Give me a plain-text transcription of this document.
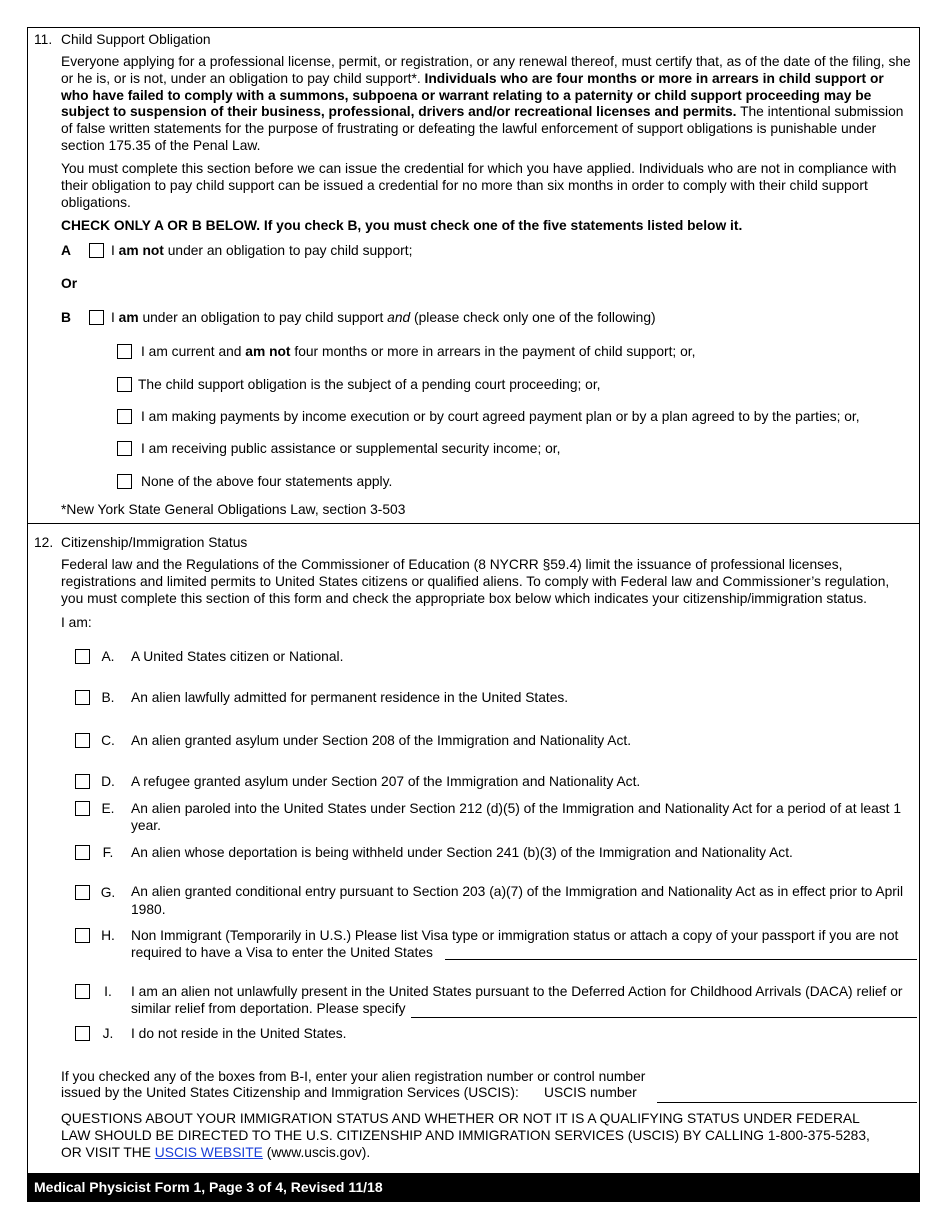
11. Child Support Obligation
Everyone applying for a professional license, permit, or registration, or any renewal thereof, must certify that, as of the date of the filing, she or he is, or is not, under an obligation to pay child support*. Individuals who are four months or more in arrears in child support or who have failed to comply with a summons, subpoena or warrant relating to a paternity or child support proceeding may be subject to suspension of their business, professional, drivers and/or recreational licenses and permits. The intentional submission of false written statements for the purpose of frustrating or defeating the lawful enforcement of support obligations is punishable under section 175.35 of the Penal Law.
You must complete this section before we can issue the credential for which you have applied. Individuals who are not in compliance with their obligation to pay child support can be issued a credential for no more than six months in order to comply with their child support obligations.
CHECK ONLY A OR B BELOW. If you check B, you must check one of the five statements listed below it.
A	I am not under an obligation to pay child support;
Or
B	I am under an obligation to pay child support and (please check only one of the following)
I am current and am not four months or more in arrears in the payment of child support; or,
The child support obligation is the subject of a pending court proceeding; or,
I am making payments by income execution or by court agreed payment plan or by a plan agreed to by the parties; or,
I am receiving public assistance or supplemental security income; or,
None of the above four statements apply.
*New York State General Obligations Law, section 3-503
12. Citizenship/Immigration Status
Federal law and the Regulations of the Commissioner of Education (8 NYCRR §59.4) limit the issuance of professional licenses, registrations and limited permits to United States citizens or qualified aliens. To comply with Federal law and Commissioner’s regulation, you must complete this section of this form and check the appropriate box below which indicates your citizenship/immigration status.
I am:
A.	A United States citizen or National.
B.	An alien lawfully admitted for permanent residence in the United States.
C.	An alien granted asylum under Section 208 of the Immigration and Nationality Act.
D.	A refugee granted asylum under Section 207 of the Immigration and Nationality Act.
E.	An alien paroled into the United States under Section 212 (d)(5) of the Immigration and Nationality Act for a period of at least 1
year.
F.	An alien whose deportation is being withheld under Section 241 (b)(3) of the Immigration and Nationality Act.
G.	An alien granted conditional entry pursuant to Section 203 (a)(7) of the Immigration and Nationality Act as in effect prior to April
1980.
H.	Non Immigrant (Temporarily in U.S.) Please list Visa type or immigration status or attach a copy of your passport if you are not
required to have a Visa to enter the United States
I.	I am an alien not unlawfully present in the United States pursuant to the Deferred Action for Childhood Arrivals (DACA) relief or
similar relief from deportation. Please specify
J.	I do not reside in the United States.
If you checked any of the boxes from B-I, enter your alien registration number or control number
issued by the United States Citizenship and Immigration Services (USCIS): USCIS number
QUESTIONS ABOUT YOUR IMMIGRATION STATUS AND WHETHER OR NOT IT IS A QUALIFYING STATUS UNDER FEDERAL
LAW SHOULD BE DIRECTED TO THE U.S. CITIZENSHIP AND IMMIGRATION SERVICES (USCIS) BY CALLING 1-800-375-5283,
OR VISIT THE USCIS WEBSITE (www.uscis.gov).
Medical Physicist Form 1, Page 3 of 4, Revised 11/18
